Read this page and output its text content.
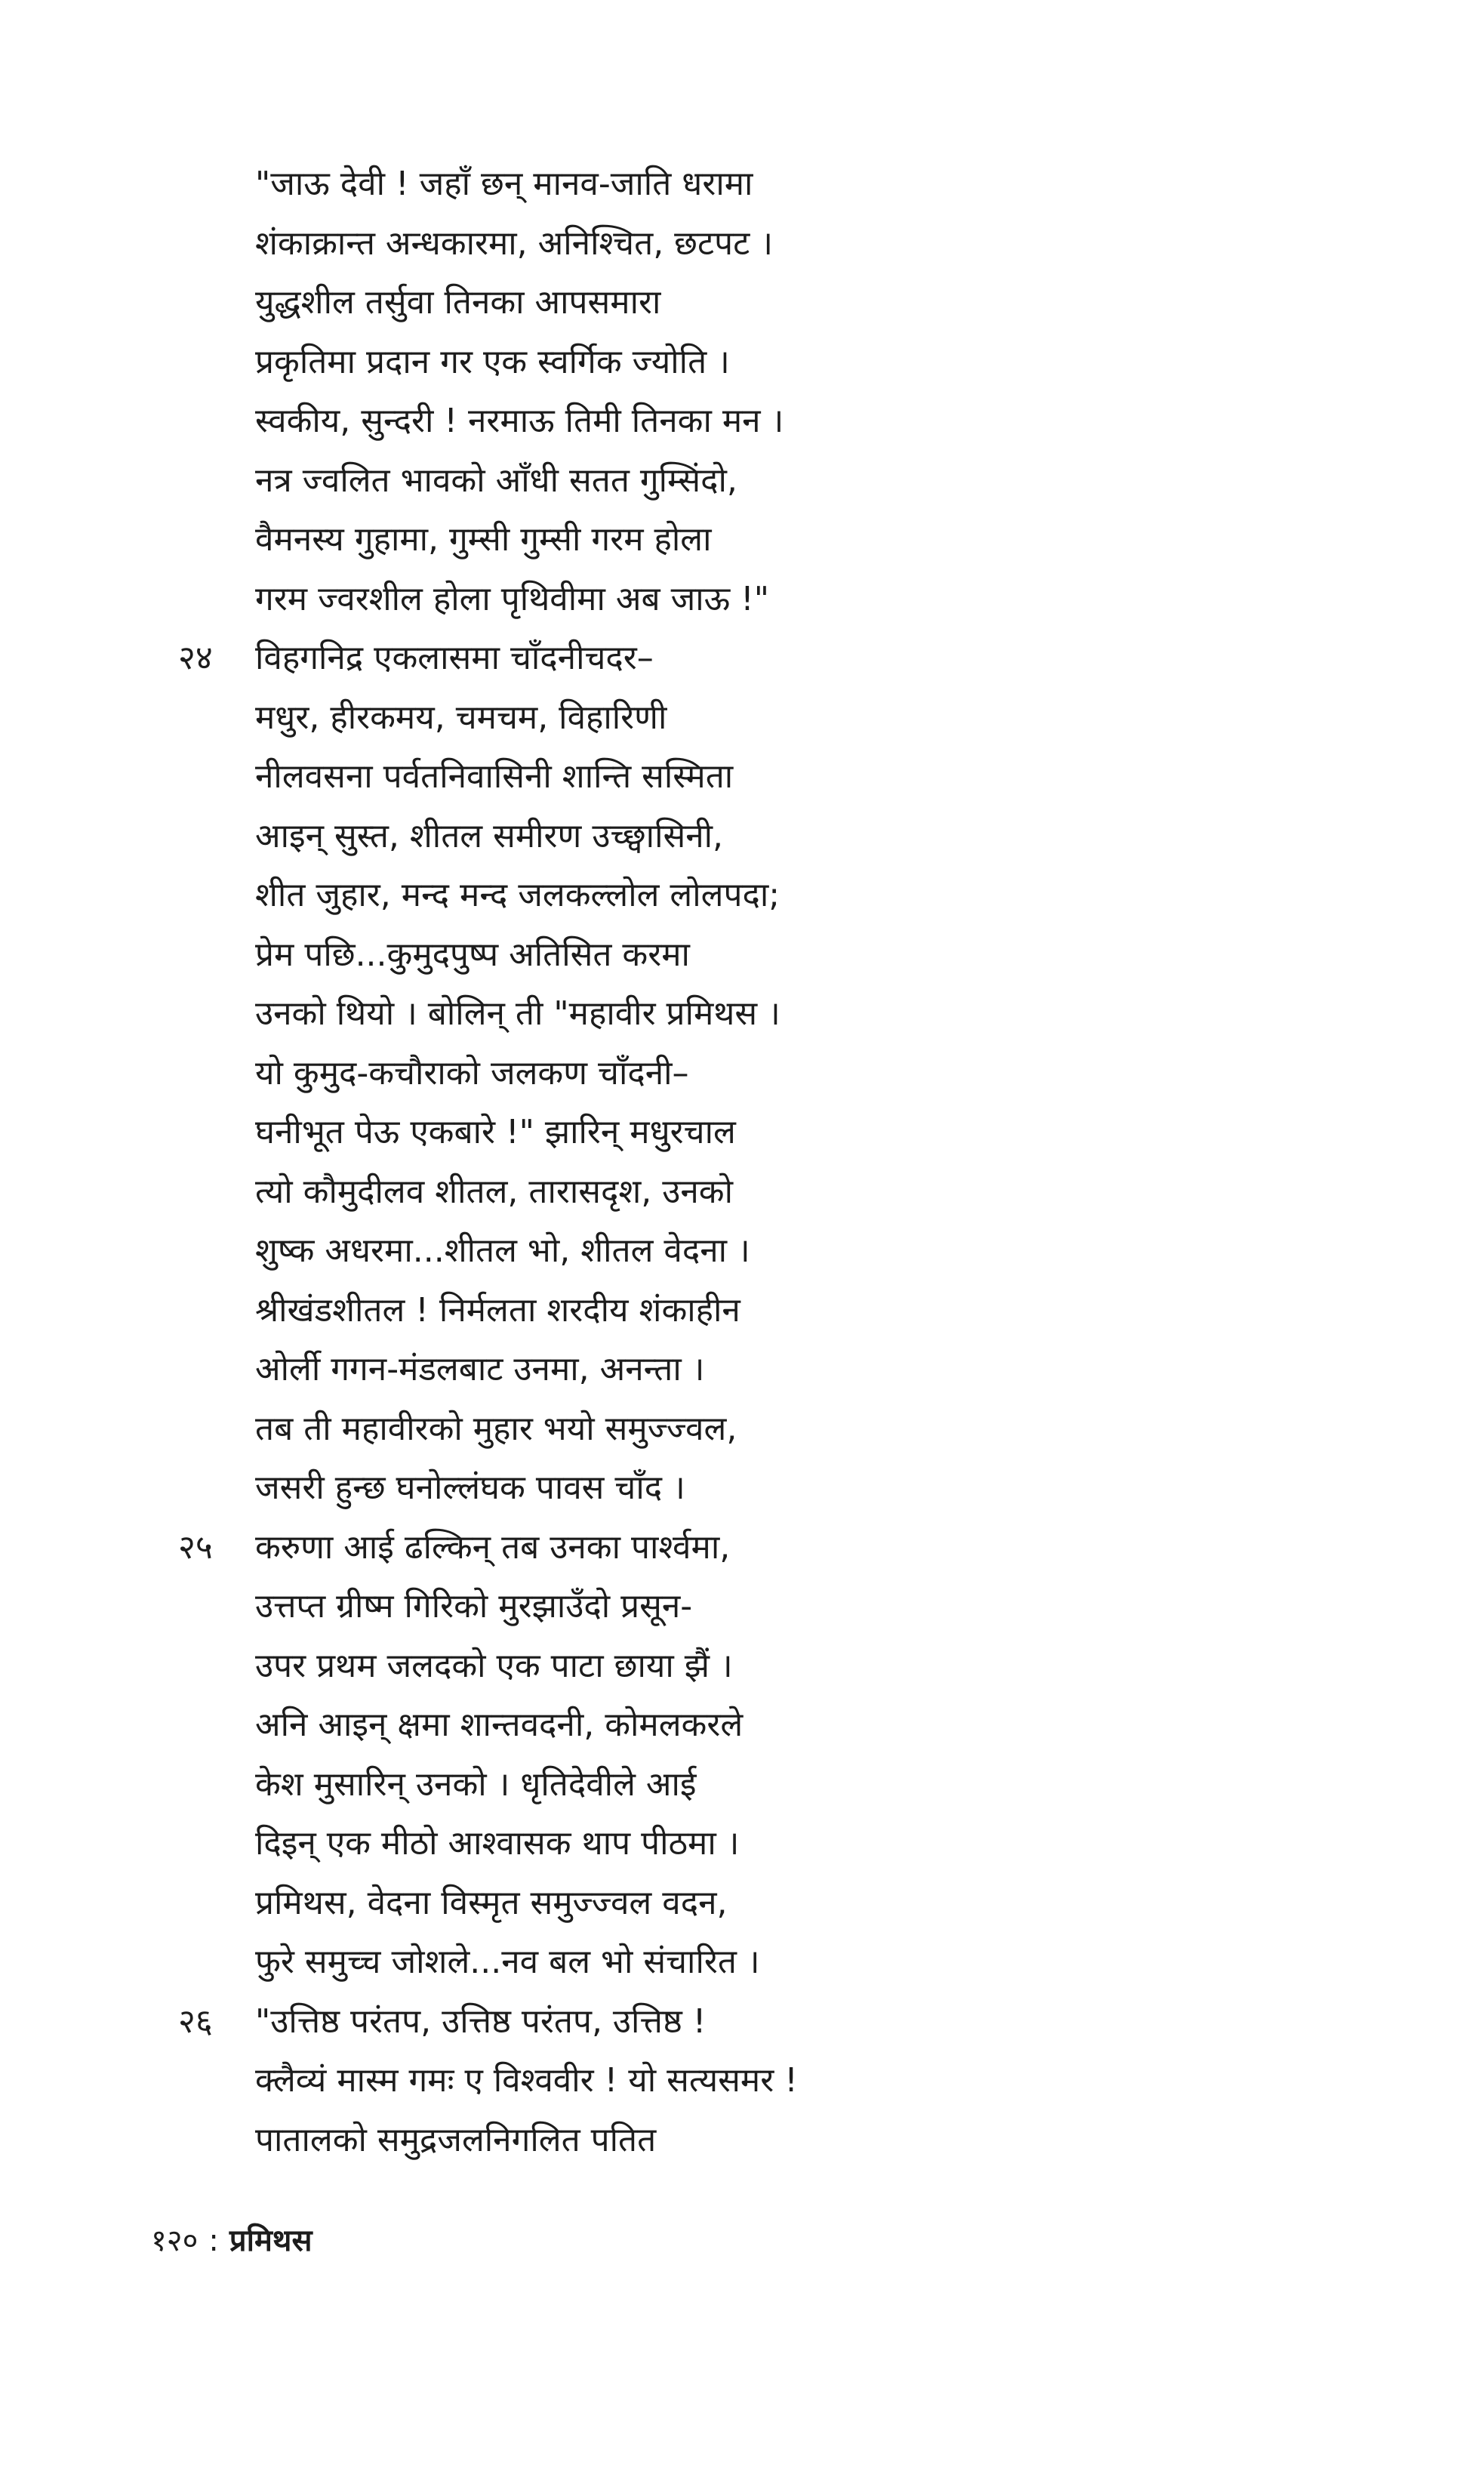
"जाऊ देवी ! जहाँ छन् मानव-जाति धरामा
शंकाक्रान्त अन्धकारमा, अनिश्चित, छटपट ।
युद्धशील तर्सुवा तिनका आपसमारा
प्रकृतिमा प्रदान गर एक स्वर्गिक ज्योति ।
स्वकीय, सुन्दरी ! नरमाऊ तिमी तिनका मन ।
नत्र ज्वलित भावको आँधी सतत गुम्सिंदो,
वैमनस्य गुहामा, गुम्सी गुम्सी गरम होला
गरम ज्वरशील होला पृथिवीमा अब जाऊ !"
२४ विहगनिद्र एकलासमा चाँदनीचदर–
मधुर, हीरकमय, चमचम, विहारिणी
नीलवसना पर्वतनिवासिनी शान्ति सस्मिता
आइन् सुस्त, शीतल समीरण उच्छ्वासिनी,
शीत जुहार, मन्द मन्द जलकल्लोल लोलपदा;
प्रेम पछि...कुमुदपुष्प अतिसित करमा
उनको थियो । बोलिन् ती "महावीर प्रमिथस ।
यो कुमुद-कचौराको जलकण चाँदनी–
घनीभूत पेऊ एकबारे !" झारिन् मधुरचाल
त्यो कौमुदीलव शीतल, तारासदृश, उनको
शुष्क अधरमा...शीतल भो, शीतल वेदना ।
श्रीखंडशीतल ! निर्मलता शरदीय शंकाहीन
ओर्ली गगन-मंडलबाट उनमा, अनन्ता ।
तब ती महावीरको मुहार भयो समुज्ज्वल,
जसरी हुन्छ घनोल्लंघक पावस चाँद ।
२५ करुणा आई ढल्किन् तब उनका पार्श्वमा,
उत्तप्त ग्रीष्म गिरिको मुरझाउँदो प्रसून-
उपर प्रथम जलदको एक पाटा छाया झैं ।
अनि आइन् क्षमा शान्तवदनी, कोमलकरले
केश मुसारिन् उनको । धृतिदेवीले आई
दिइन् एक मीठो आश्वासक थाप पीठमा ।
प्रमिथस, वेदना विस्मृत समुज्ज्वल वदन,
फुरे समुच्च जोशले...नव बल भो संचारित ।
२६ "उत्तिष्ठ परंतप, उत्तिष्ठ परंतप, उत्तिष्ठ !
क्लैव्यं मास्म गमः ए विश्ववीर ! यो सत्यसमर !
पातालको समुद्रजलनिगलित पतित
१२० : प्रमिथस
